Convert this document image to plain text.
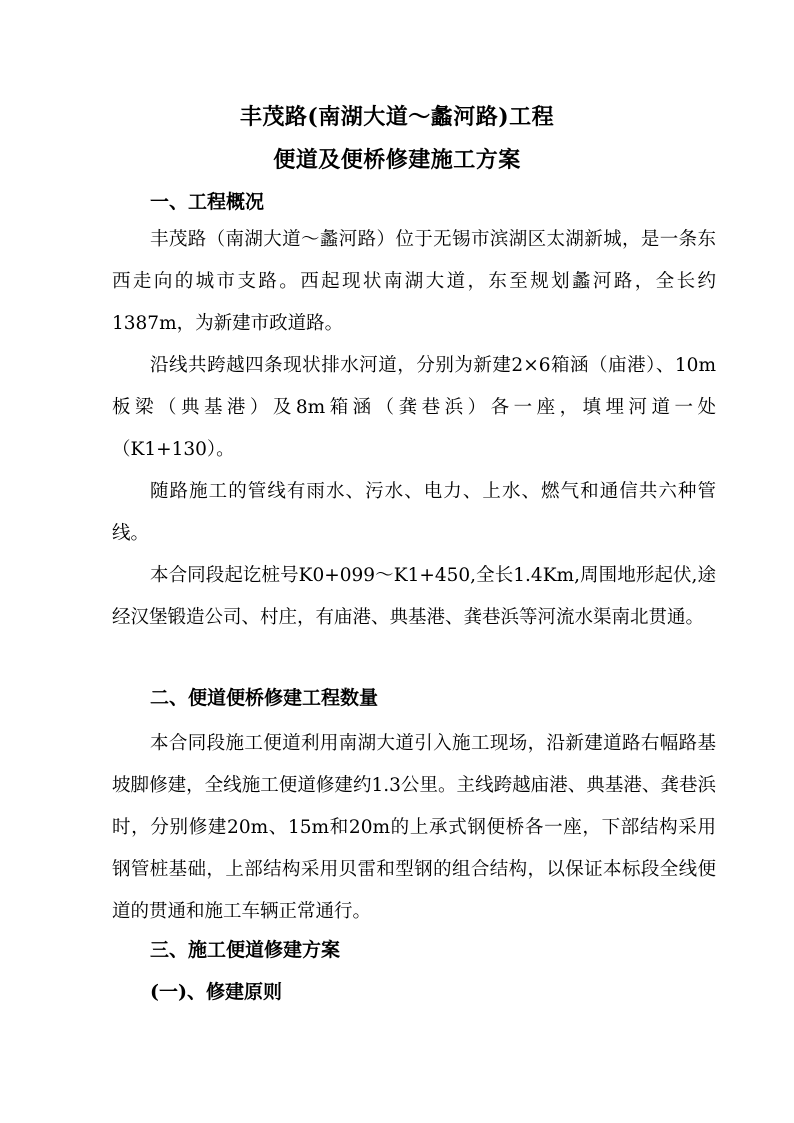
丰茂路(南湖大道～蠡河路)工程
便道及便桥修建施工方案
一、工程概况
丰茂路（南湖大道～蠡河路）位于无锡市滨湖区太湖新城，是一条东西走向的城市支路。西起现状南湖大道，东至规划蠡河路，全长约1387m，为新建市政道路。
沿线共跨越四条现状排水河道，分别为新建2×6箱涵（庙港）、10m板梁（典基港）及8m箱涵（龚巷浜）各一座，填埋河道一处（K1+130）。
随路施工的管线有雨水、污水、电力、上水、燃气和通信共六种管线。
本合同段起讫桩号K0+099～K1+450,全长1.4Km,周围地形起伏,途经汉堡锻造公司、村庄，有庙港、典基港、龚巷浜等河流水渠南北贯通。
二、便道便桥修建工程数量
本合同段施工便道利用南湖大道引入施工现场，沿新建道路右幅路基坡脚修建，全线施工便道修建约1.3公里。主线跨越庙港、典基港、龚巷浜时，分别修建20m、15m和20m的上承式钢便桥各一座，下部结构采用钢管桩基础，上部结构采用贝雷和型钢的组合结构，以保证本标段全线便道的贯通和施工车辆正常通行。
三、施工便道修建方案
(一)、修建原则
